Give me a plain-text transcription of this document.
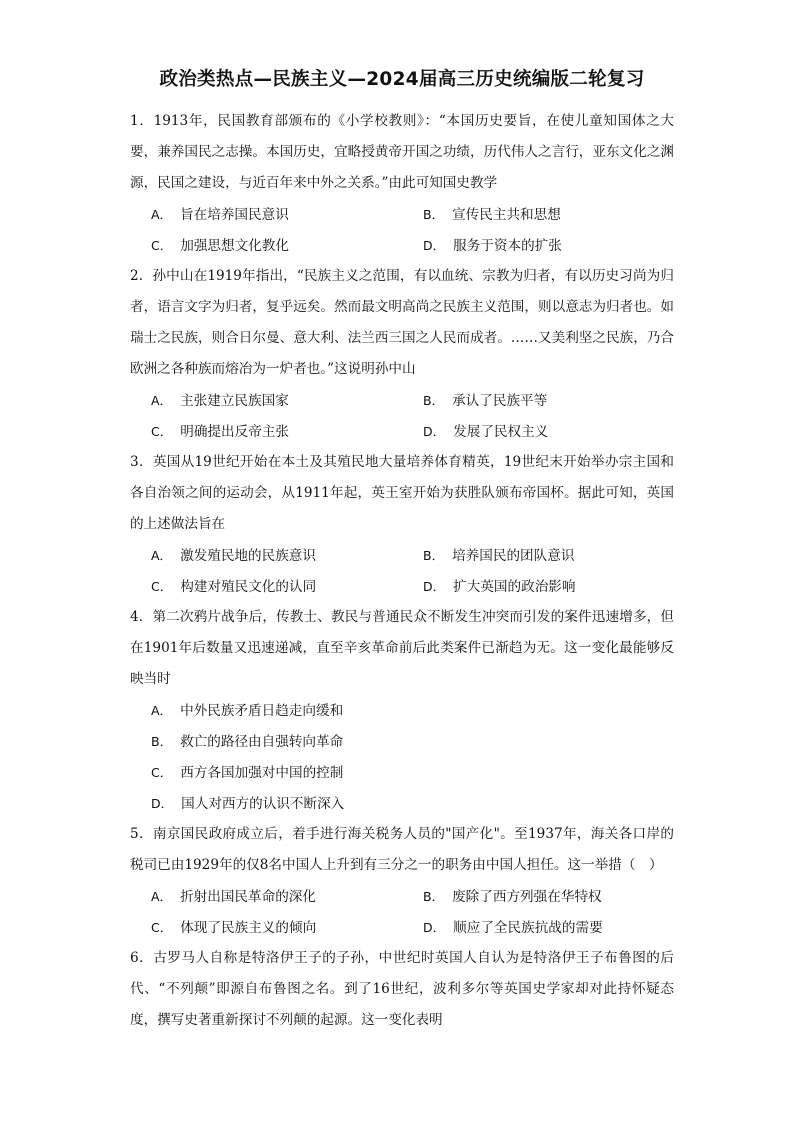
政治类热点—民族主义—2024届高三历史统编版二轮复习

1．1913年，民国教育部颁布的《小学校教则》：“本国历史要旨，在使儿童知国体之大要，兼养国民之志操。本国历史，宜略授黄帝开国之功绩，历代伟人之言行，亚东文化之渊源，民国之建设，与近百年来中外之关系。”由此可知国史教学

A． 旨在培养国民意识	B． 宣传民主共和思想
C． 加强思想文化教化	D． 服务于资本的扩张

2．孙中山在1919年指出，“民族主义之范围，有以血统、宗教为归者，有以历史习尚为归者，语言文字为归者，复乎远矣。然而最文明高尚之民族主义范围，则以意志为归者也。如瑞士之民族，则合日尔曼、意大利、法兰西三国之人民而成者。……又美利坚之民族，乃合欧洲之各种族而熔冶为一炉者也。”这说明孙中山

A． 主张建立民族国家	B． 承认了民族平等
C． 明确提出反帝主张	D． 发展了民权主义

3．英国从19世纪开始在本土及其殖民地大量培养体育精英，19世纪末开始举办宗主国和各自治领之间的运动会，从1911年起，英王室开始为获胜队颁布帝国杯。据此可知，英国的上述做法旨在

A． 激发殖民地的民族意识	B． 培养国民的团队意识
C． 构建对殖民文化的认同	D． 扩大英国的政治影响

4．第二次鸦片战争后，传教士、教民与普通民众不断发生冲突而引发的案件迅速增多，但在1901年后数量又迅速递减，直至辛亥革命前后此类案件已渐趋为无。这一变化最能够反映当时

A． 中外民族矛盾日趋走向缓和
B． 救亡的路径由自强转向革命
C． 西方各国加强对中国的控制
D． 国人对西方的认识不断深入

5．南京国民政府成立后，着手进行海关税务人员的"国产化"。至1937年，海关各口岸的税司已由1929年的仅8名中国人上升到有三分之一的职务由中国人担任。这一举措（　）

A． 折射出国民革命的深化	B． 废除了西方列强在华特权
C． 体现了民族主义的倾向	D． 顺应了全民族抗战的需要

6．古罗马人自称是特洛伊王子的子孙，中世纪时英国人自认为是特洛伊王子布鲁图的后代、“不列颠”即源自布鲁图之名。到了16世纪，波利多尔等英国史学家却对此持怀疑态度，撰写史著重新探讨不列颠的起源。这一变化表明
